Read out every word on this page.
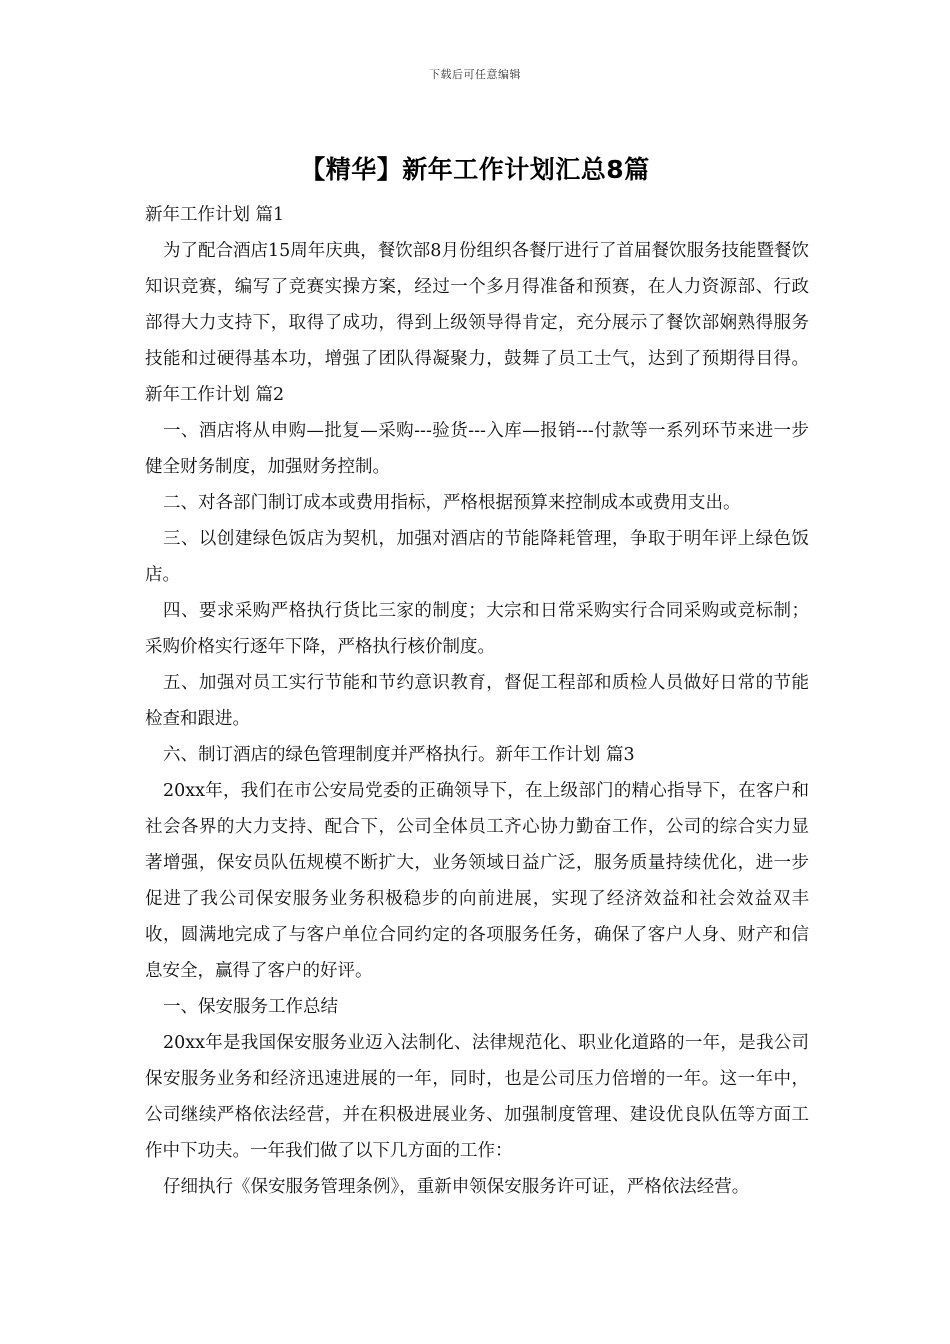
下载后可任意编辑
【精华】新年工作计划汇总8篇

新年工作计划 篇1

为了配合酒店15周年庆典，餐饮部8月份组织各餐厅进行了首届餐饮服务技能暨餐饮知识竞赛，编写了竞赛实操方案，经过一个多月得准备和预赛，在人力资源部、行政部得大力支持下，取得了成功，得到上级领导得肯定，充分展示了餐饮部娴熟得服务技能和过硬得基本功，增强了团队得凝聚力，鼓舞了员工士气，达到了预期得目得。新年工作计划 篇2

一、酒店将从申购—批复—采购---验货---入库—报销---付款等一系列环节来进一步健全财务制度，加强财务控制。

二、对各部门制订成本或费用指标，严格根据预算来控制成本或费用支出。

三、以创建绿色饭店为契机，加强对酒店的节能降耗管理，争取于明年评上绿色饭店。

四、要求采购严格执行货比三家的制度；大宗和日常采购实行合同采购或竞标制；采购价格实行逐年下降，严格执行核价制度。

五、加强对员工实行节能和节约意识教育，督促工程部和质检人员做好日常的节能检查和跟进。

六、制订酒店的绿色管理制度并严格执行。新年工作计划 篇3

20xx年，我们在市公安局党委的正确领导下，在上级部门的精心指导下，在客户和社会各界的大力支持、配合下，公司全体员工齐心协力勤奋工作，公司的综合实力显著增强，保安员队伍规模不断扩大，业务领域日益广泛，服务质量持续优化，进一步促进了我公司保安服务业务积极稳步的向前进展，实现了经济效益和社会效益双丰收，圆满地完成了与客户单位合同约定的各项服务任务，确保了客户人身、财产和信息安全，赢得了客户的好评。

一、保安服务工作总结

20xx年是我国保安服务业迈入法制化、法律规范化、职业化道路的一年，是我公司保安服务业务和经济迅速进展的一年，同时，也是公司压力倍增的一年。这一年中，公司继续严格依法经营，并在积极进展业务、加强制度管理、建设优良队伍等方面工作中下功夫。一年我们做了以下几方面的工作：

仔细执行《保安服务管理条例》，重新申领保安服务许可证，严格依法经营。
